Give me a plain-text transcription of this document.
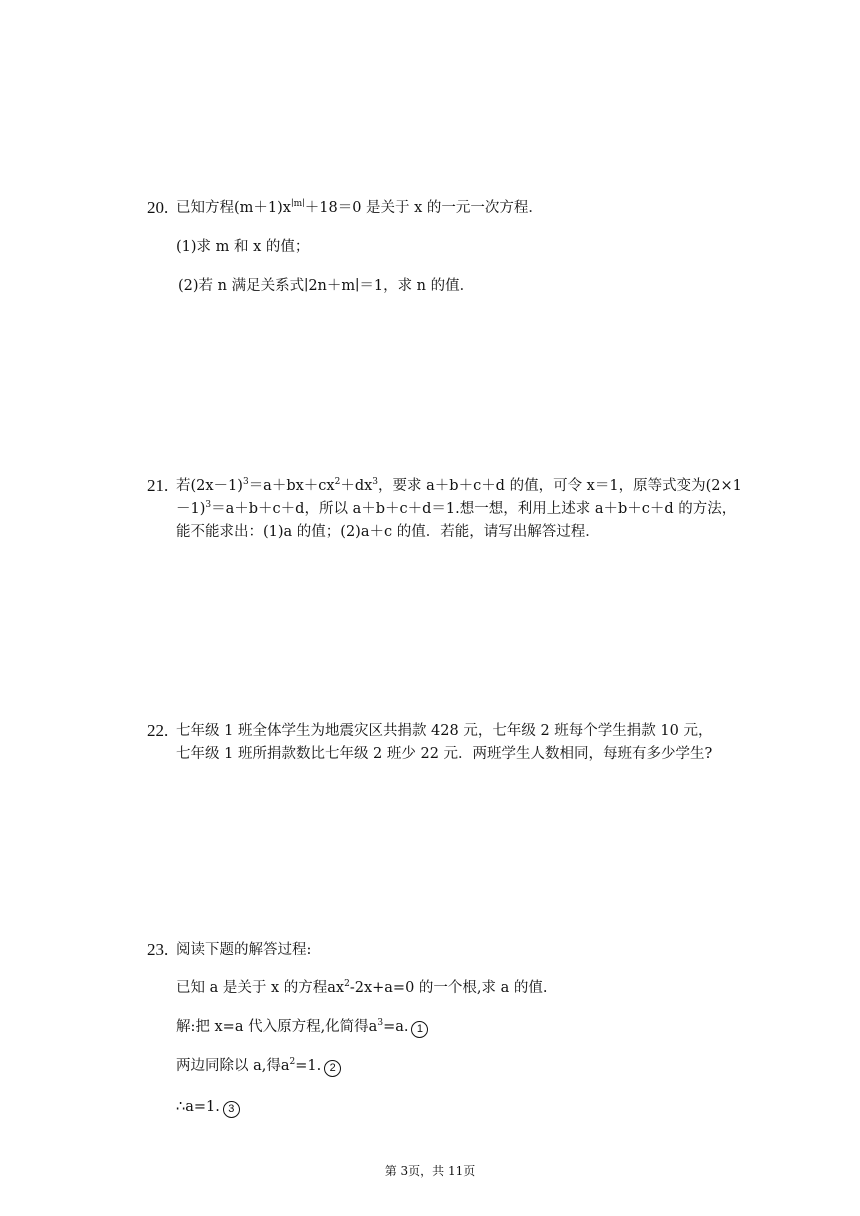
20. 已知方程$(m+1)x^{∣m∣}+18=0$ 是关于 x 的一元一次方程．
(1)求 m 和 x 的值；
(2)若 n 满足关系式∣2n＋m∣＝1，求 n 的值．
21. 若$(2x-1)^3=a+bx+cx^2+dx^3$，要求 a＋b＋c＋d 的值，可令 x＝1，原等式变为(2×1
－1)$^3$＝a＋b＋c＋d，所以 a＋b＋c＋d＝1.想一想，利用上述求 a＋b＋c＋d 的方法，
能不能求出：(1)a 的值；(2)a＋c 的值．若能，请写出解答过程．
22. 七年级 1 班全体学生为地震灾区共捐款 428 元，七年级 2 班每个学生捐款 10 元，
七年级 1 班所捐款数比七年级 2 班少 22 元．两班学生人数相同，每班有多少学生?
23. 阅读下题的解答过程:
已知 a 是关于 x 的方程$ax^2-2x+a=0$ 的一个根,求 a 的值.
解:把 x=a 代入原方程,化简得$a^3=a$. 1
两边同除以 a,得$a^2=1$. 2
∴a=1. 3
第 3页，共 11页
